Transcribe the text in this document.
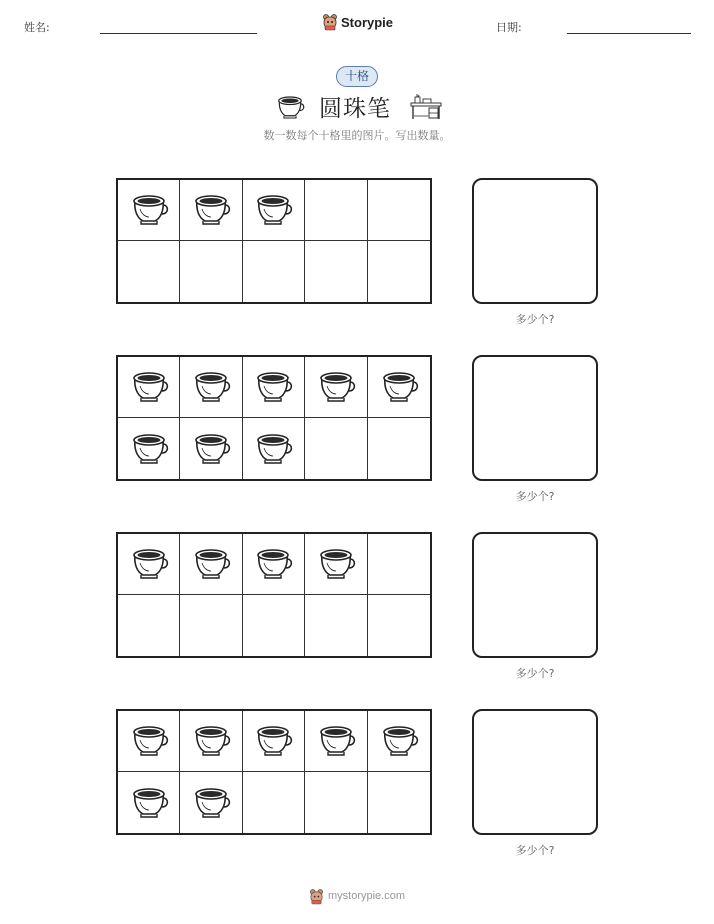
姓名:	Storypie	日期:
十格
圆珠笔
数一数每个十格里的图片。写出数量。
多少个?
多少个?
多少个?
多少个?
mystorypie.com
